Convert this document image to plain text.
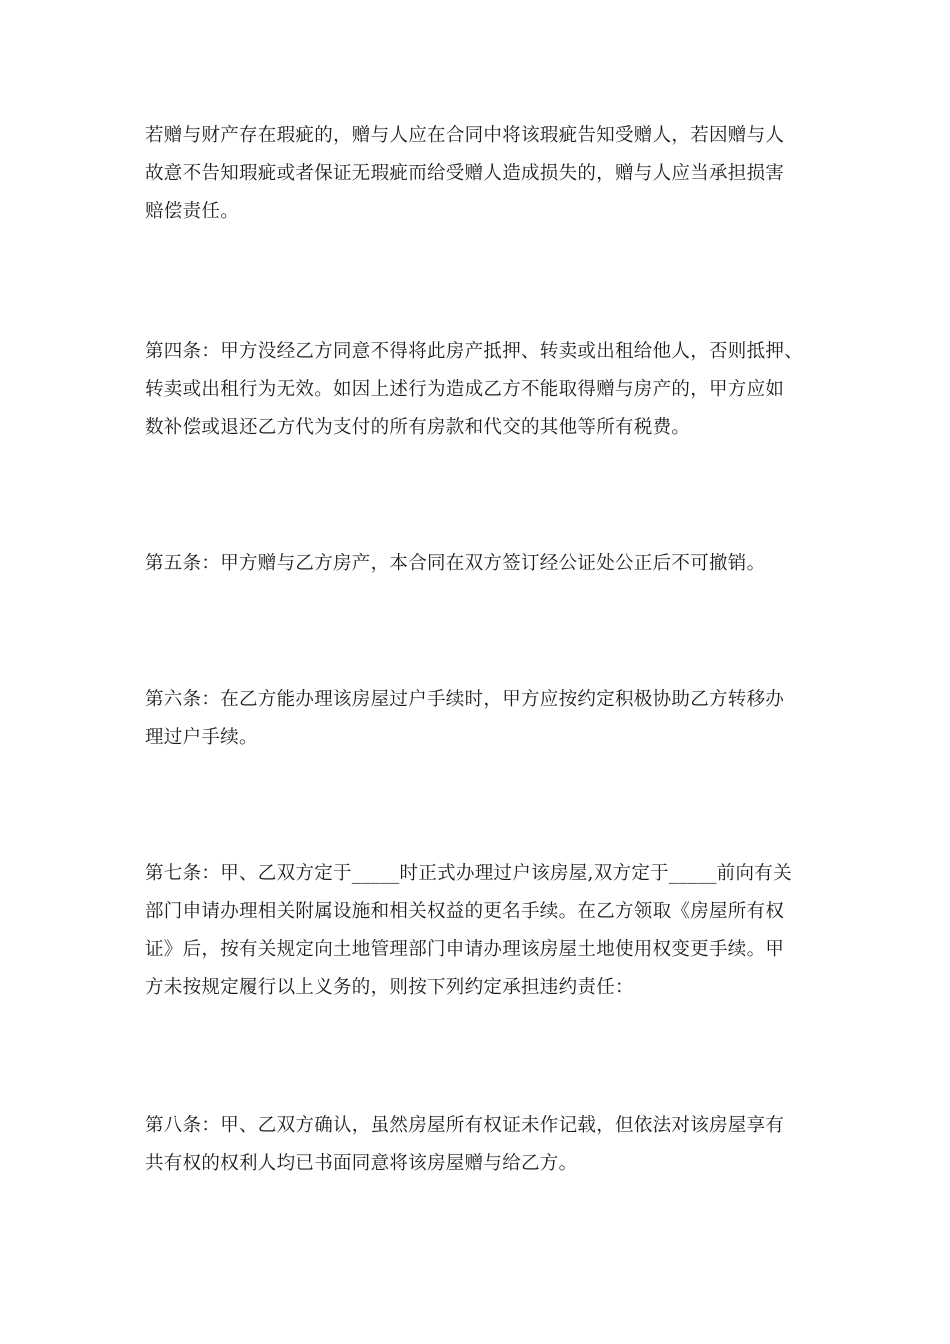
若赠与财产存在瑕疵的，赠与人应在合同中将该瑕疵告知受赠人，若因赠与人
故意不告知瑕疵或者保证无瑕疵而给受赠人造成损失的，赠与人应当承担损害
赔偿责任。
第四条：甲方没经乙方同意不得将此房产抵押、转卖或出租给他人，否则抵押、
转卖或出租行为无效。如因上述行为造成乙方不能取得赠与房产的，甲方应如
数补偿或退还乙方代为支付的所有房款和代交的其他等所有税费。
第五条：甲方赠与乙方房产，本合同在双方签订经公证处公正后不可撤销。
第六条：在乙方能办理该房屋过户手续时，甲方应按约定积极协助乙方转移办
理过户手续。
第七条：甲、乙双方定于_____时正式办理过户该房屋,双方定于_____前向有关
部门申请办理相关附属设施和相关权益的更名手续。在乙方领取《房屋所有权
证》后，按有关规定向土地管理部门申请办理该房屋土地使用权变更手续。甲
方未按规定履行以上义务的，则按下列约定承担违约责任：
第八条：甲、乙双方确认，虽然房屋所有权证未作记载，但依法对该房屋享有
共有权的权利人均已书面同意将该房屋赠与给乙方。
